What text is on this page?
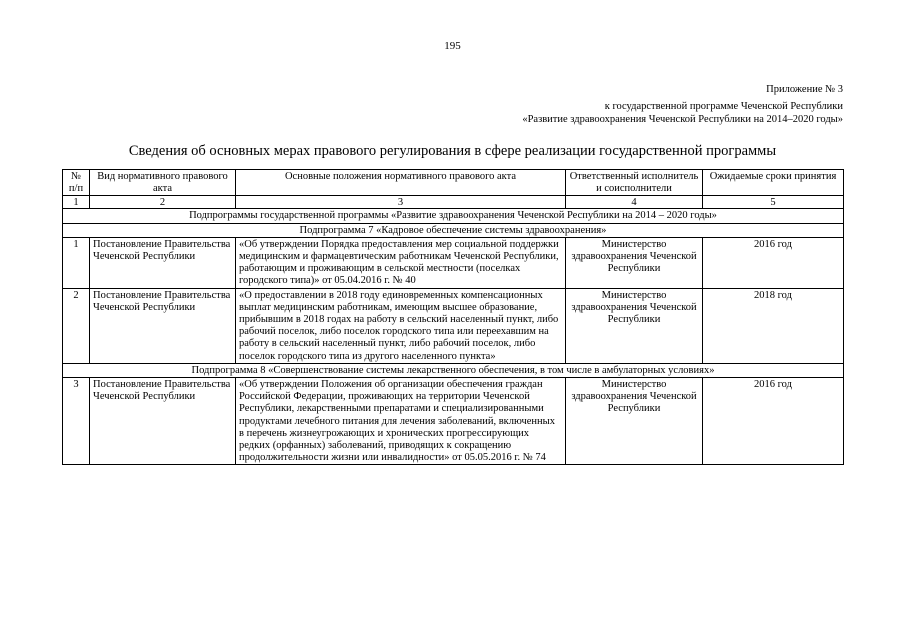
195
Приложение № 3
к государственной программе Чеченской Республики
«Развитие здравоохранения Чеченской Республики на 2014–2020 годы»
Сведения об основных мерах правового регулирования в сфере реализации государственной программы
№ п/п	Вид нормативного правового акта	Основные положения нормативного правового акта	Ответственный исполнитель и соисполнители	Ожидаемые сроки принятия
1	2	3	4	5
Подпрограммы государственной программы «Развитие здравоохранения Чеченской Республики на 2014 – 2020 годы»				
Подпрограмма 7 «Кадровое обеспечение системы здравоохранения»				
1	Постановление Правительства Чеченской Республики	«Об утверждении Порядка предоставления мер социальной поддержки медицинским и фармацевтическим работникам Чеченской Республики, работающим и проживающим в сельской местности (поселках городского типа)» от 05.04.2016 г. № 40	Министерство здравоохранения Чеченской Республики	2016 год
2	Постановление Правительства Чеченской Республики	«О предоставлении в 2018 году единовременных компенсационных выплат медицинским работникам, имеющим высшее образование, прибывшим в 2018 годах на работу в сельский населенный пункт, либо рабочий поселок, либо поселок городского типа или переехавшим на работу в сельский населенный пункт, либо рабочий поселок, либо поселок городского типа из другого населенного пункта»	Министерство здравоохранения Чеченской Республики	2018 год
Подпрограмма 8 «Совершенствование системы лекарственного обеспечения, в том числе в амбулаторных условиях»				
3	Постановление Правительства Чеченской Республики	«Об утверждении Положения об организации обеспечения граждан Российской Федерации, проживающих на территории Чеченской Республики, лекарственными препаратами и специализированными продуктами лечебного питания для лечения заболеваний, включенных в перечень жизнеугрожающих и хронических прогрессирующих редких (орфанных) заболеваний, приводящих к сокращению продолжительности жизни или инвалидности» от 05.05.2016 г. № 74	Министерство здравоохранения Чеченской Республики	2016 год
